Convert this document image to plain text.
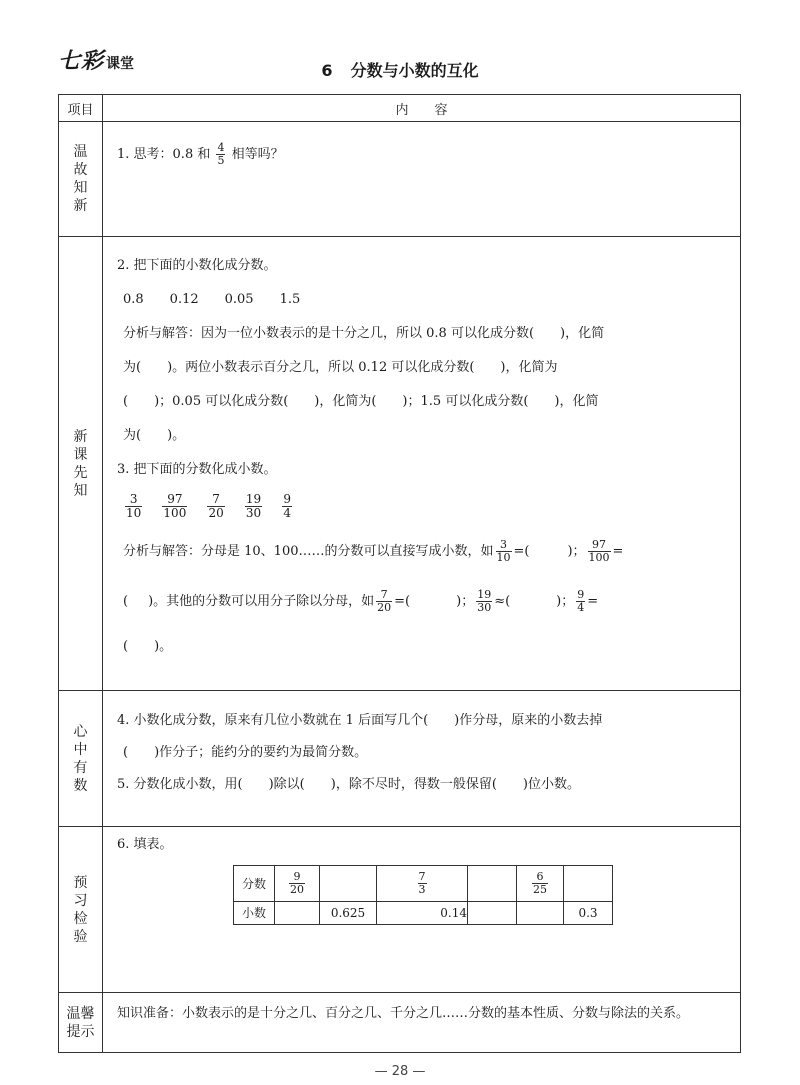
七彩 课堂	6 分数与小数的互化
项目	内　　容
温故知新	

1. 思考：0.8 和 $\frac{4}{5}$ 相等吗？

新课先知	

2. 把下面的小数化成分数。

0.8　　0.12　　0.05　　1.5

分析与解答：因为一位小数表示的是十分之几，所以 0.8 可以化成分数(　　)，化简

为(　　)。两位小数表示百分之几，所以 0.12 可以化成分数(　　)，化简为

(　　)；0.05 可以化成分数(　　)，化简为(　　)；1.5 可以化成分数(　　)，化简

为(　　)。

3. 把下面的分数化成小数。

$\frac{3}{10}$
$\frac{97}{100}$
$\frac{7}{20}$
$\frac{19}{30}$
$\frac{9}{4}$

分析与解答：分母是 10、100……的分数可以直接写成小数，如 $\frac{3}{10}$ =(	)； $\frac{97}{100}$ =

( )。其他的分数可以用分子除以分母，如 $\frac{7}{20}$ =(	)； $\frac{19}{30}$ ≈(	)； $\frac{9}{4}$ =

(　　)。

心中有数	

4. 小数化成分数，原来有几位小数就在 1 后面写几个(　　)作分母，原来的小数去掉

(　　)作分子；能约分的要约为最简分数。

5. 分数化成小数，用(　　)除以(　　)，除不尽时，得数一般保留(　　)位小数。

预习检验	

6. 填表。

分数	$\frac{9}{20}$		$\frac{7}{3}$		$\frac{6}{25}$

小数		0.625	0.14			0.3

温馨提示	

知识准备：小数表示的是十分之几、百分之几、千分之几……分数的基本性质、分数与除法的关系。

— 28 —
